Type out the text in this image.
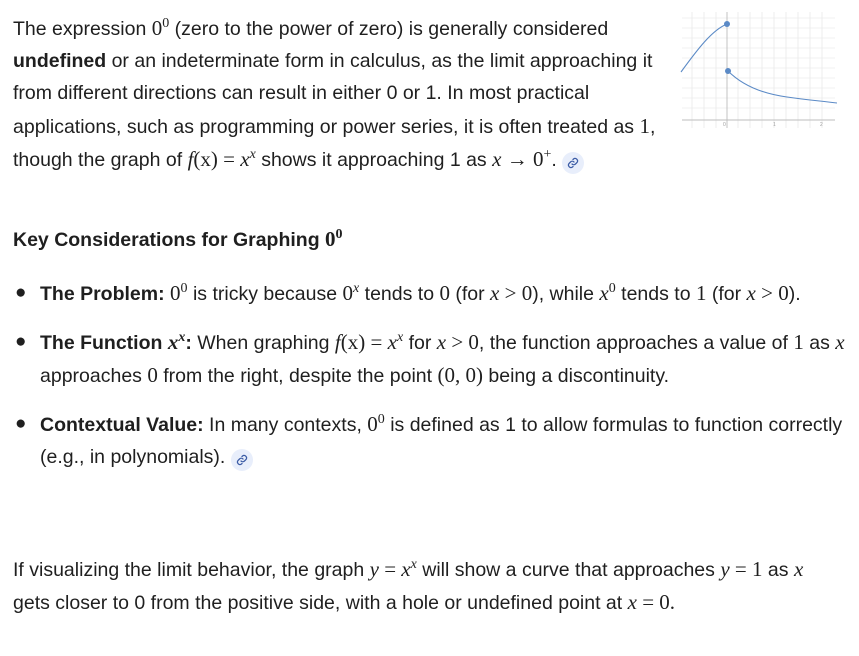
The expression $0^0$ (zero to the power of zero) is generally considered undefined or an indeterminate form in calculus, as the limit approaching it from different directions can result in either 0 or 1. In most practical applications, such as programming or power series, it is often treated as 1, though the graph of $f(x) = x^x$ shows it approaching 1 as x → 0+.
0	1	2
Key Considerations for Graphing $0^0$
● The Problem: $0^0$ is tricky because 0$^x$ tends to 0 (for x > 0), while $x^0$ tends to 1 (for x > 0).
● The Function $x^x$: When graphing $f(x) = x^x$ for x > 0, the function approaches a value of 1 as x approaches 0 from the right, despite the point (0, 0) being a discontinuity.
● Contextual Value: In many contexts, $0^0$ is defined as 1 to allow formulas to function correctly (e.g., in polynomials).
If visualizing the limit behavior, the graph $y = x^x$ will show a curve that approaches y = 1 as x gets closer to 0 from the positive side, with a hole or undefined point at x = 0.
